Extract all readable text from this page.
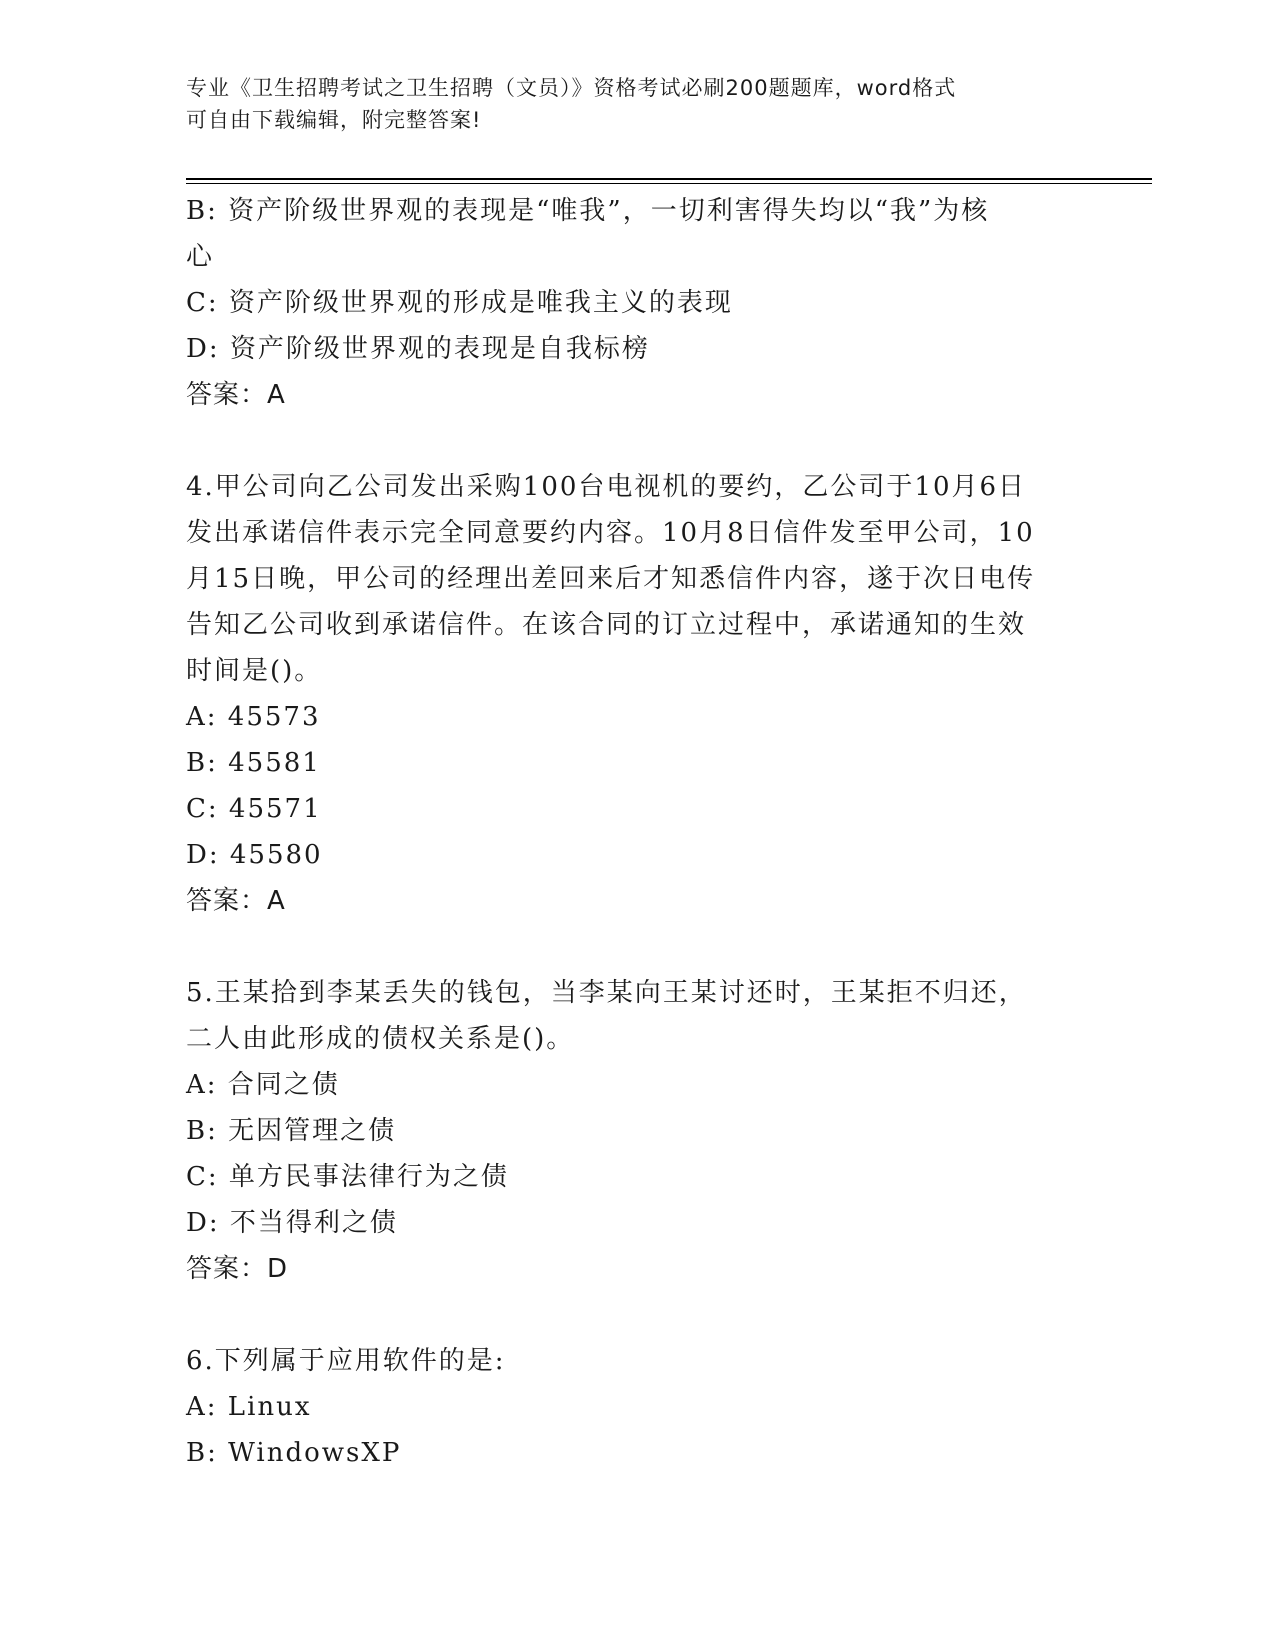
专业《卫生招聘考试之卫生招聘（文员）》资格考试必刷200题题库，word格式
可自由下载编辑，附完整答案!
B: 资产阶级世界观的表现是“唯我”，一切利害得失均以“我”为核
心
C: 资产阶级世界观的形成是唯我主义的表现
D: 资产阶级世界观的表现是自我标榜
答案：A
4.甲公司向乙公司发出采购100台电视机的要约，乙公司于10月6日
发出承诺信件表示完全同意要约内容。10月8日信件发至甲公司，10
月15日晚，甲公司的经理出差回来后才知悉信件内容，遂于次日电传
告知乙公司收到承诺信件。在该合同的订立过程中，承诺通知的生效
时间是()。
A: 45573
B: 45581
C: 45571
D: 45580
答案：A
5.王某拾到李某丢失的钱包，当李某向王某讨还时，王某拒不归还，
二人由此形成的债权关系是()。
A: 合同之债
B: 无因管理之债
C: 单方民事法律行为之债
D: 不当得利之债
答案：D
6.下列属于应用软件的是:
A: Linux
B: WindowsXP
